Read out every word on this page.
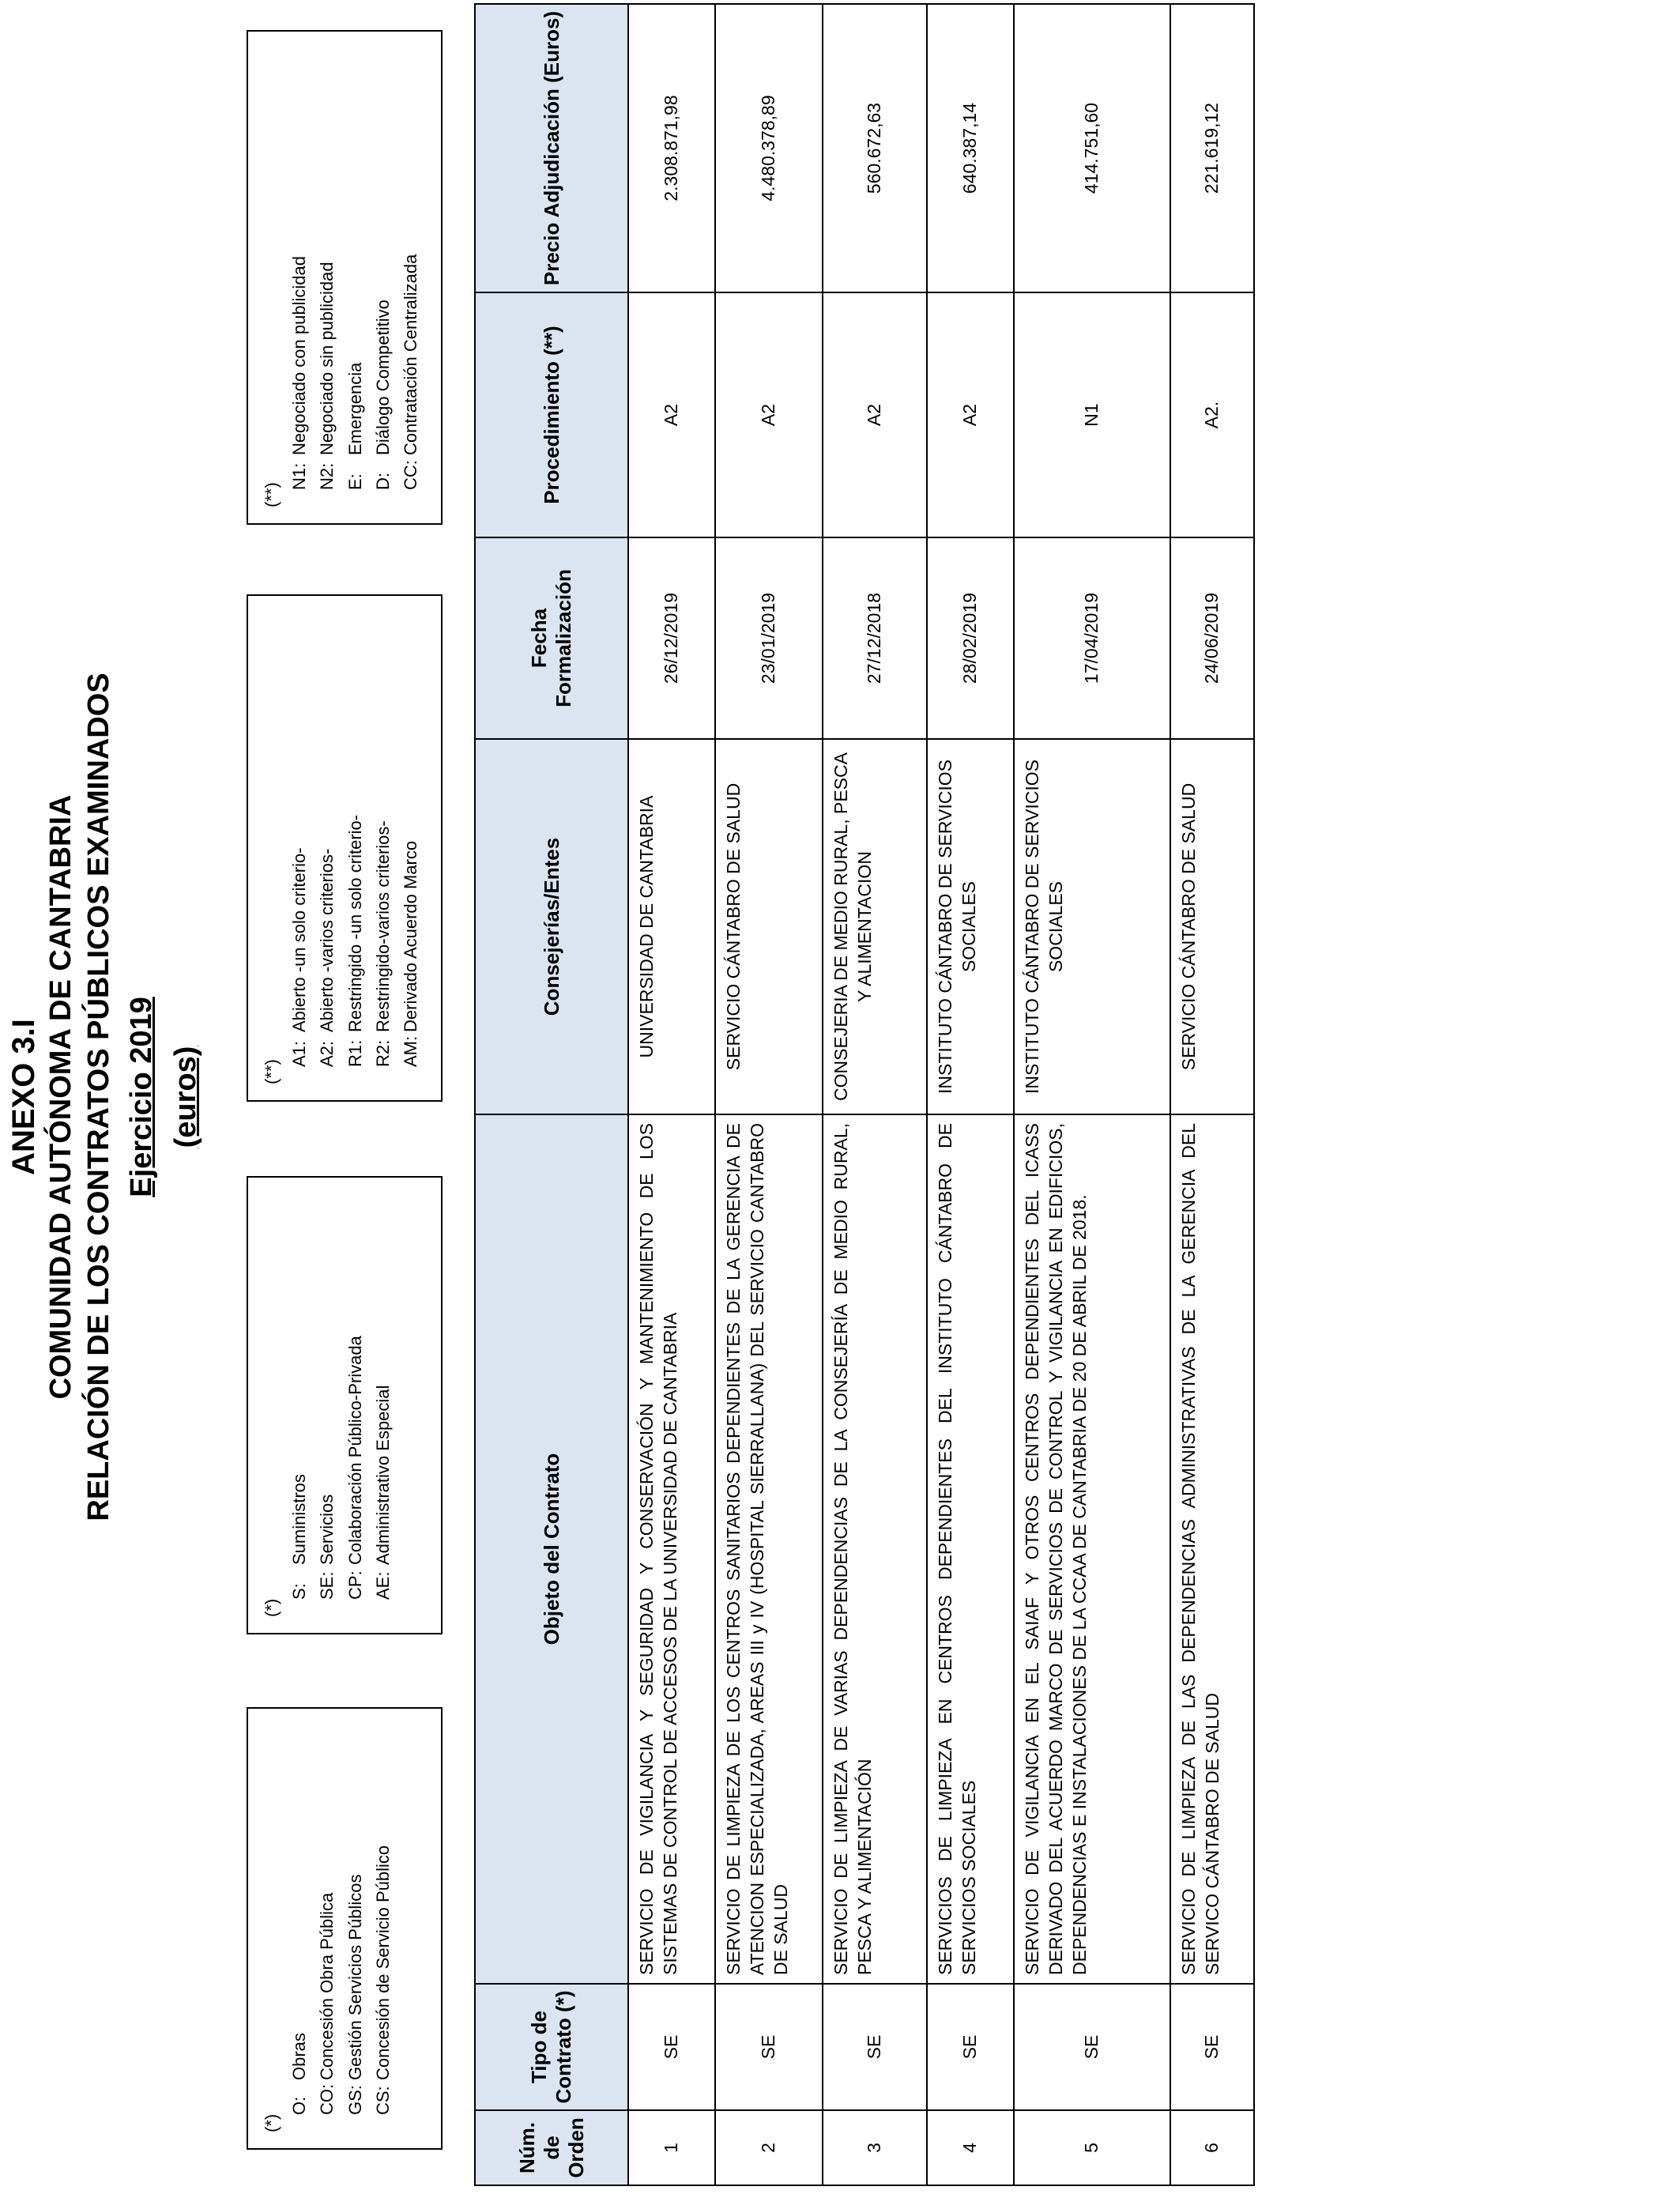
ANEXO 3.I COMUNIDAD AUTÓNOMA DE CANTABRIA RELACIÓN DE LOS CONTRATOS PÚBLICOS EXAMINADOS Ejercicio 2019 (euros)
(*)
O:Obras
CO:Concesión Obra Pública
GS:Gestión Servicios Públicos
CS:Concesión de Servicio Público
(*)
S:Suministros
SE:Servicios
CP:Colaboración Público-Privada
AE:Administrativo Especial
(**)
A1:Abierto -un solo criterio-
A2:Abierto -varios criterios-
R1:Restringido -un solo criterio-
R2:Restringido-varios criterios-
AM:Derivado Acuerdo Marco
(**)
N1:Negociado con publicidad
N2:Negociado sin publicidad
E:Emergencia
D:Diálogo Competitivo
CC:Contratación Centralizada
Núm. de Orden	Tipo de Contrato (*)	Objeto del Contrato	Consejerías/Entes	Fecha Formalización	Procedimiento (**)	Precio Adjudicación (Euros)
1	SE	SERVICIO DE VIGILANCIA Y SEGURIDAD Y CONSERVACIÓN Y MANTENIMIENTO DE LOS SISTEMAS DE CONTROL DE ACCESOS DE LA UNIVERSIDAD DE CANTABRIA	UNIVERSIDAD DE CANTABRIA	26/12/2019	A2	2.308.871,98
2	SE	SERVICIO DE LIMPIEZA DE LOS CENTROS SANITARIOS DEPENDIENTES DE LA GERENCIA DE ATENCION ESPECIALIZADA, AREAS III y IV (HOSPITAL SIERRALLANA) DEL SERVICIO CANTABRO DE SALUD	SERVICIO CÁNTABRO DE SALUD	23/01/2019	A2	4.480.378,89
3	SE	SERVICIO DE LIMPIEZA DE VARIAS DEPENDENCIAS DE LA CONSEJERÍA DE MEDIO RURAL, PESCA Y ALIMENTACIÓN	CONSEJERIA DE MEDIO RURAL, PESCA Y ALIMENTACION	27/12/2018	A2	560.672,63
4	SE	SERVICIOS DE LIMPIEZA EN CENTROS DEPENDIENTES DEL INSTITUTO CÁNTABRO DE SERVICIOS SOCIALES	INSTITUTO CÁNTABRO DE SERVICIOS SOCIALES	28/02/2019	A2	640.387,14
5	SE	SERVICIO DE VIGILANCIA EN EL SAIAF Y OTROS CENTROS DEPENDIENTES DEL ICASS DERIVADO DEL ACUERDO MARCO DE SERVICIOS DE CONTROL Y VIGILANCIA EN EDIFICIOS, DEPENDENCIAS E INSTALACIONES DE LA CCAA DE CANTABRIA DE 20 DE ABRIL DE 2018.	INSTITUTO CÁNTABRO DE SERVICIOS SOCIALES	17/04/2019	N1	414.751,60
6	SE	SERVICIO DE LIMPIEZA DE LAS DEPENDENCIAS ADMINISTRATIVAS DE LA GERENCIA DEL SERVICO CÁNTABRO DE SALUD	SERVICIO CÁNTABRO DE SALUD	24/06/2019	A2.	221.619,12
